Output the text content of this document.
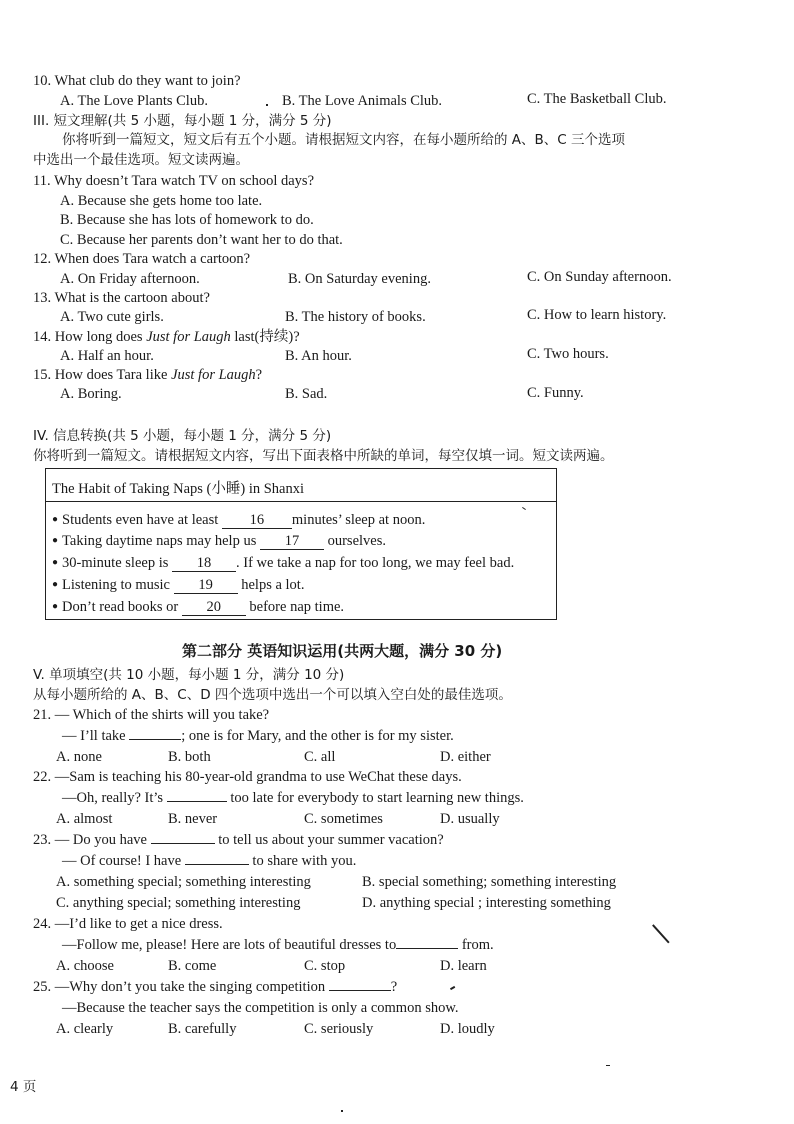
10. What club do they want to join?
A. The Love Plants Club.	B. The Love Animals Club.	C. The Basketball Club.
III. 短文理解(共 5 小题，每小题 1 分，满分 5 分)
你将听到一篇短文，短文后有五个小题。请根据短文内容，在每小题所给的 A、B、C 三个选项
中选出一个最佳选项。短文读两遍。
11. Why doesn’t Tara watch TV on school days?
A. Because she gets home too late.
B. Because she has lots of homework to do.
C. Because her parents don’t want her to do that.
12. When does Tara watch a cartoon?
A. On Friday afternoon.	B. On Saturday evening.	C. On Sunday afternoon.
13. What is the cartoon about?
A. Two cute girls.	B. The history of books.	C. How to learn history.
14. How long does Just for Laugh last(持续)?
A. Half an hour.	B. An hour.	C. Two hours.
15. How does Tara like Just for Laugh?
A. Boring.	B. Sad.	C. Funny.
IV. 信息转换(共 5 小题，每小题 1 分，满分 5 分)
你将听到一篇短文。请根据短文内容，写出下面表格中所缺的单词，每空仅填一词。短文读两遍。
The Habit of Taking Naps (小睡) in Shanxi
● Students even have at least 16 minutes’ sleep at noon.
● Taking daytime naps may help us 17 ourselves.
● 30-minute sleep is 18 . If we take a nap for too long, we may feel bad.
● Listening to music 19 helps a lot.
● Don’t read books or 20 before nap time.
第二部分 英语知识运用(共两大题，满分 30 分)
V. 单项填空(共 10 小题，每小题 1 分，满分 10 分)
从每小题所给的 A、B、C、D 四个选项中选出一个可以填入空白处的最佳选项。
21. — Which of the shirts will you take?
— I’ll take	; one is for Mary, and the other is for my sister.
A. none	B. both	C. all	D. either
22. —Sam is teaching his 80-year-old grandma to use WeChat these days.
—Oh, really? It’s	too late for everybody to start learning new things.
A. almost	B. never	C. sometimes	D. usually
23. — Do you have	to tell us about your summer vacation?
— Of course! I have	to share with you.
A. something special; something interesting	B. special something; something interesting
C. anything special; something interesting	D. anything special ; interesting something
24. —I’d like to get a nice dress.
—Follow me, please! Here are lots of beautiful dresses to	from.
A. choose	B. come	C. stop	D. learn
25. —Why don’t you take the singing competition	?
—Because the teacher says the competition is only a common show.
A. clearly	B. carefully	C. seriously	D. loudly
4 页
